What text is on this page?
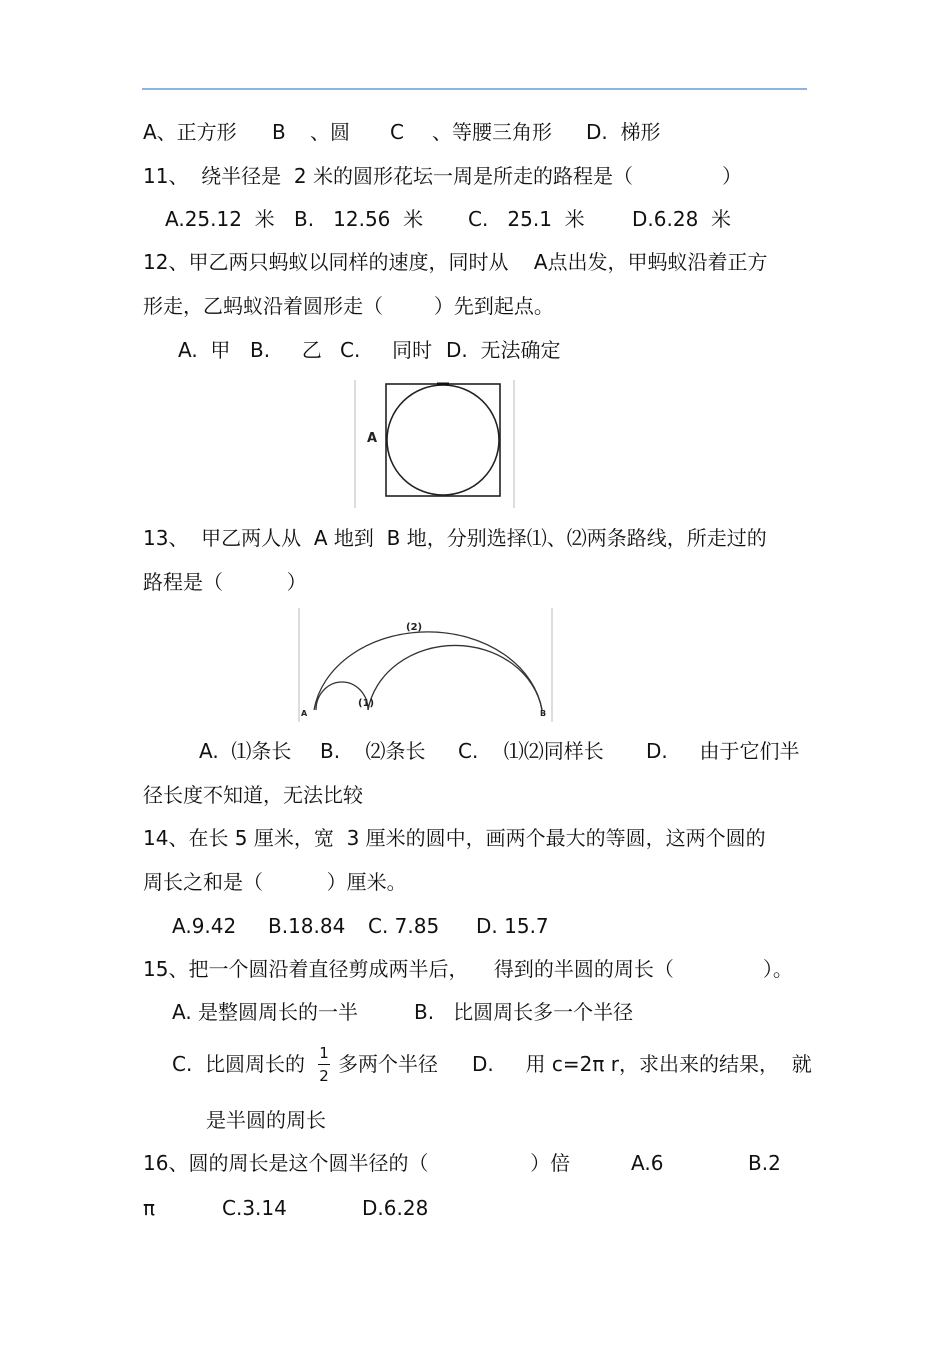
A、正方形 B 、圆 C 、等腰三角形 D.  梯形
11、  绕半径是  2 米的圆形花坛一周是所走的路程是（              ）
A.25.12  米 B.   12.56  米 C.   25.1  米 D.6.28  米
12、甲乙两只蚂蚁以同样的速度，同时从    A点出发，甲蚂蚁沿着正方
形走，乙蚂蚁沿着圆形走（        ）先到起点。
A.  甲 B.     乙 C.     同时 D.  无法确定
A
13、  甲乙两人从  A 地到  B 地，分别选择⑴、⑵两条路线，所走过的
路程是（          ）
(2)
(1)
A	B
A.  ⑴条长 B.    ⑵条长 C.    ⑴⑵同样长 D.     由于它们半
径长度不知道，无法比较
14、在长 5 厘米，宽  3 厘米的圆中，画两个最大的等圆，这两个圆的
周长之和是（          ）厘米。
A.9.42 B.18.84 C. 7.85 D. 15.7
15、把一个圆沿着直径剪成两半后，    得到的半圆的周长（              ）。
A. 是整圆周长的一半	B.   比圆周长多一个半径
C.  比圆周长的 1
2 多两个半径 D.     用 c=2π r，求出来的结果，  就
是半圆的周长
16、圆的周长是这个圆半径的（                ）倍	A.6	B.2
π	C.3.14	D.6.28
